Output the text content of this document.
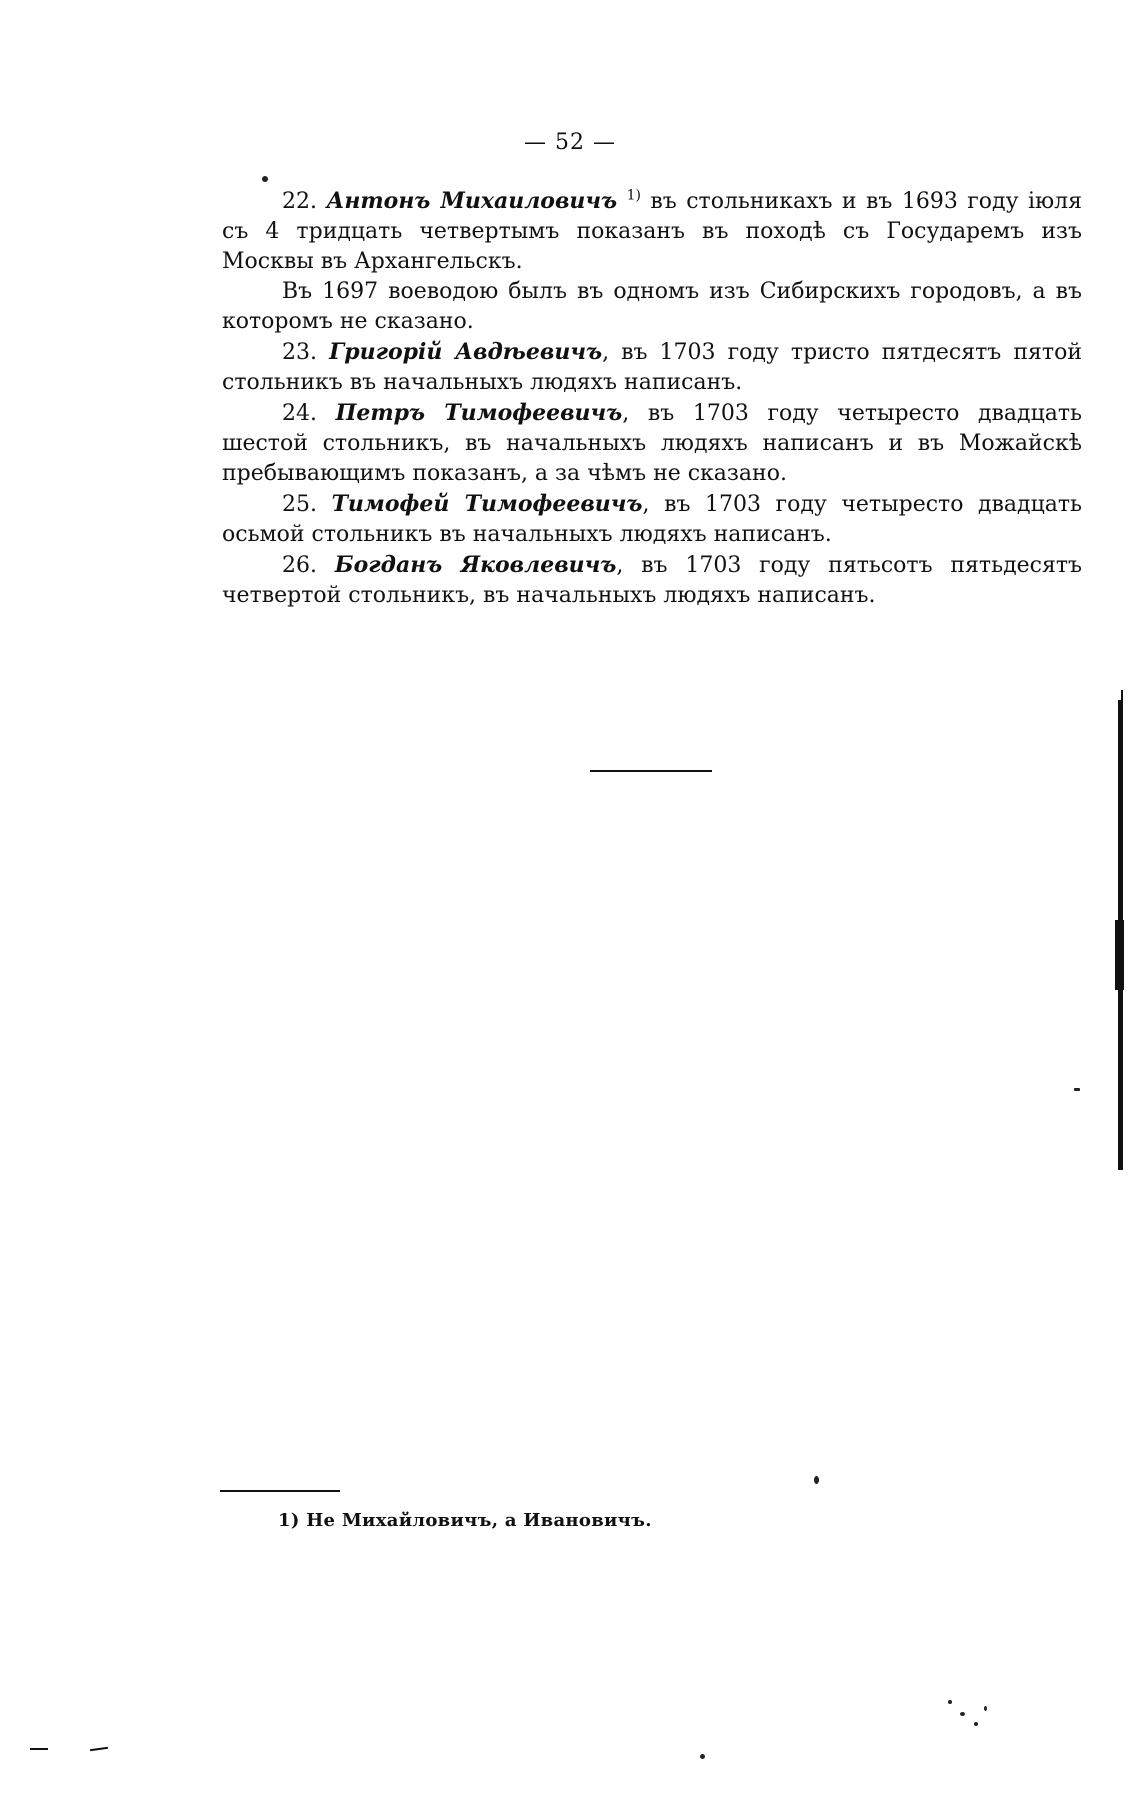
— 52 —

22. Антонъ Михаиловичъ $^{1)}$ въ стольникахъ и въ 1693 году iюля съ 4 тридцать четвертымъ показанъ въ походѣ съ Государемъ изъ Москвы въ Архангельскъ.

Въ 1697 воеводою былъ въ одномъ изъ Сибирскихъ городовъ, а въ которомъ не сказано.

23. Григорiй Авдѣевичъ, въ 1703 году тристо пятдесятъ пятой стольникъ въ начальныхъ людяхъ написанъ.

24. Петръ Тимофеевичъ, въ 1703 году четыресто двадцать шестой стольникъ, въ начальныхъ людяхъ написанъ и въ Можайскѣ пребывающимъ показанъ, а за чѣмъ не сказано.

25. Тимофей Тимофеевичъ, въ 1703 году четыресто двадцать осьмой стольникъ въ начальныхъ людяхъ написанъ.

26. Богданъ Яковлевичъ, въ 1703 году пятьсотъ пятьдесятъ четвертой стольникъ, въ начальныхъ людяхъ написанъ.

1) Не Михайловичъ, а Ивановичъ.
